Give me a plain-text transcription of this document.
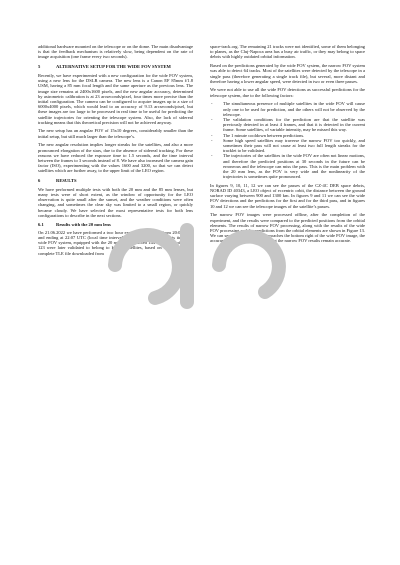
additional hardware mounted on the telescope or on the dome. The main disadvantage is that the feedback mechanism is relatively slow, being dependent on the rate of image acquisition (one frame every two seconds).

5	ALTERNATIVE SETUP FOR THE WIDE FOV SYSTEM

Recently, we have experimented with a new configuration for the wide FOV system, using a new lens for the DSLR camera. The new lens is a Canon EF 85mm f/1.8 USM, having a 85 mm focal length and the same aperture as the previous lens. The image size remains at 2400x1600 pixels, and the new angular accuracy, determined by astrometric calibration is at 23 arcseconds/pixel, four times more precise than the initial configuration. The camera can be configured to acquire images up to a size of 6000x4000 pixels, which would lead to an accuracy of 9.13 arcseconds/pixel, but these images are too large to be processed in real time to be useful for predicting the satellite trajectories for orienting the telescope system. Also, the lack of sidereal tracking means that this theoretical precision will not be achieved anyway.

The new setup has an angular FOV of 15x10 degrees, considerably smaller than the initial setup, but still much larger than the telescope’s.

The new angular resolution implies longer streaks for the satellites, and also a more pronounced elongation of the stars, due to the absence of sidereal tracking. For these reasons we have reduced the exposure time to 1.5 seconds, and the time interval between the frames to 3 seconds instead of 8. We have also increased the camera gain factor (ISO), experimenting with the values 1600 and 3200, so that we can detect satellites which are further away, to the upper limit of the LEO region.

6	RESULTS

We have performed multiple tests with both the 20 mm and the 85 mm lenses, but many tests were of short extent, as the window of opportunity for the LEO observation is quite small after the sunset, and the weather conditions were often changing, and sometimes the clear sky was limited to a small region, or quickly became cloudy. We have selected the most representative tests for both lens configurations to describe in the next sections.

6.1	Results with the 20 mm lens

On 21.06.2022 we have performed a two hour experiment, starting from 20:05 UTC and ending at 22:07 UTC (local time interval 23:03 - 01:07). During this time, the wide FOV system, equipped with the 20 mm lens, detected 144 tracks, out of which 123 were later validated to belong to known satellites, based on the most recent complete TLE file downloaded from

space-track.org. The remaining 21 tracks were not identified, some of them belonging to planes, as the Cluj-Napoca area has a busy air traffic, or they may belong to space debris with highly outdated orbital information.

Based on the predictions generated by the wide FOV system, the narrow FOV system was able to detect 64 tracks. Most of the satellites were detected by the telescope in a single pass (therefore generating a single track file), but several, more distant and therefore having a lower angular speed, were detected in two or even three passes.

We were not able to use all the wide FOV detections as successful predictions for the telescope system, due to the following factors:

-	The simultaneous presence of multiple satellites in the wide FOV will cause only one to be used for prediction, and the others will not be observed by the telescope.
-	The validation conditions for the prediction are that the satellite was previously detected in at least 4 frames, and that it is detected in the current frame. Some satellites, of variable intensity, may be missed this way.
-	The 1 minute cooldown between predictions.
-	Some high speed satellites may traverse the narrow FOV too quickly, and sometimes their pass will not cause at least two full length streaks for the tracklet to be validated.
-	The trajectories of the satellites in the wide FOV are often not linear motions, and therefore the predicted positions at 30 seconds in the future can be erroneous and the telescope can miss the pass. This is the main problem with the 20 mm lens, as the FOV is very wide and the nonlinearity of the trajectories is sometimes quite pronounced.

In figures 9, 10, 11, 12 we can see the passes of the CZ-4C DEB space debris, NORAD ID 40343, a LEO object of eccentric orbit, the distance between the ground surface varying between 900 and 1300 km. In figures 9 and 11 we can see the wide FOV detections and the predictions for the first and for the third pass, and in figures 10 and 12 we can see the telescope images of the satellite’s passes.

The narrow FOV images were processed offline, after the completion of the experiment, and the results were compared to the predicted positions from the orbital elements. The results of narrow FOV processing, along with the results of the wide FOV processing and the predictions from the orbital elements are shown in Figure 13. We can see that as the object approaches the bottom right of the wide FOV image, the accuracy of the results decreases, but the narrow FOV results remain accurate.
